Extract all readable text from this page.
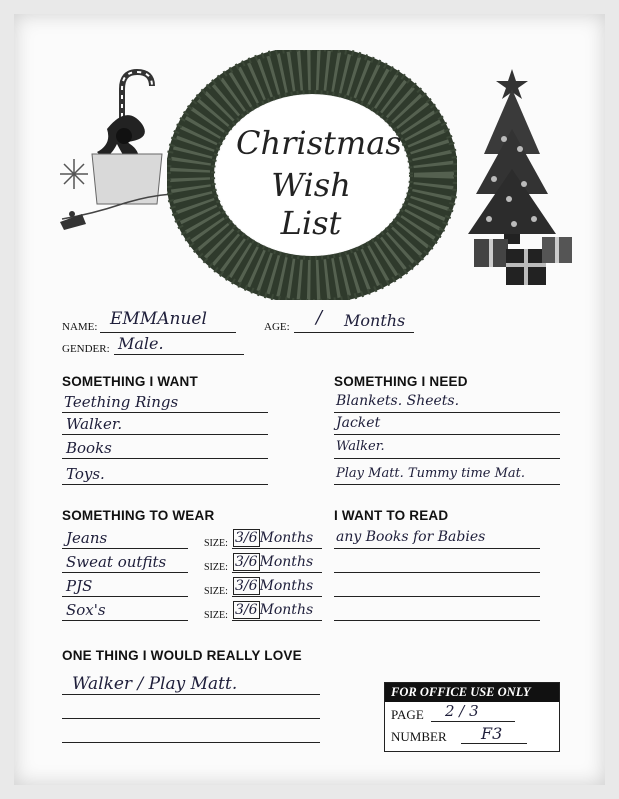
Christmas
Wish List
NAME: EMMAnuel	AGE: / Months
GENDER: Male.
SOMETHING I WANT
Teething Rings
Walker.
Books
Toys.
SOMETHING I NEED
Blankets. Sheets.
Jacket
Walker.
Play Matt. Tummy time Mat.
SOMETHING TO WEAR
Jeans	SIZE: 3/6 Months
Sweat outfits	SIZE: 3/6 Months
PJS	SIZE: 3/6 Months
Sox's	SIZE: 3/6 Months
I WANT TO READ
any Books for Babies
ONE THING I WOULD REALLY LOVE
Walker / Play Matt.	FOR OFFICE USE ONLY
PAGE 2 / 3
NUMBER F3
